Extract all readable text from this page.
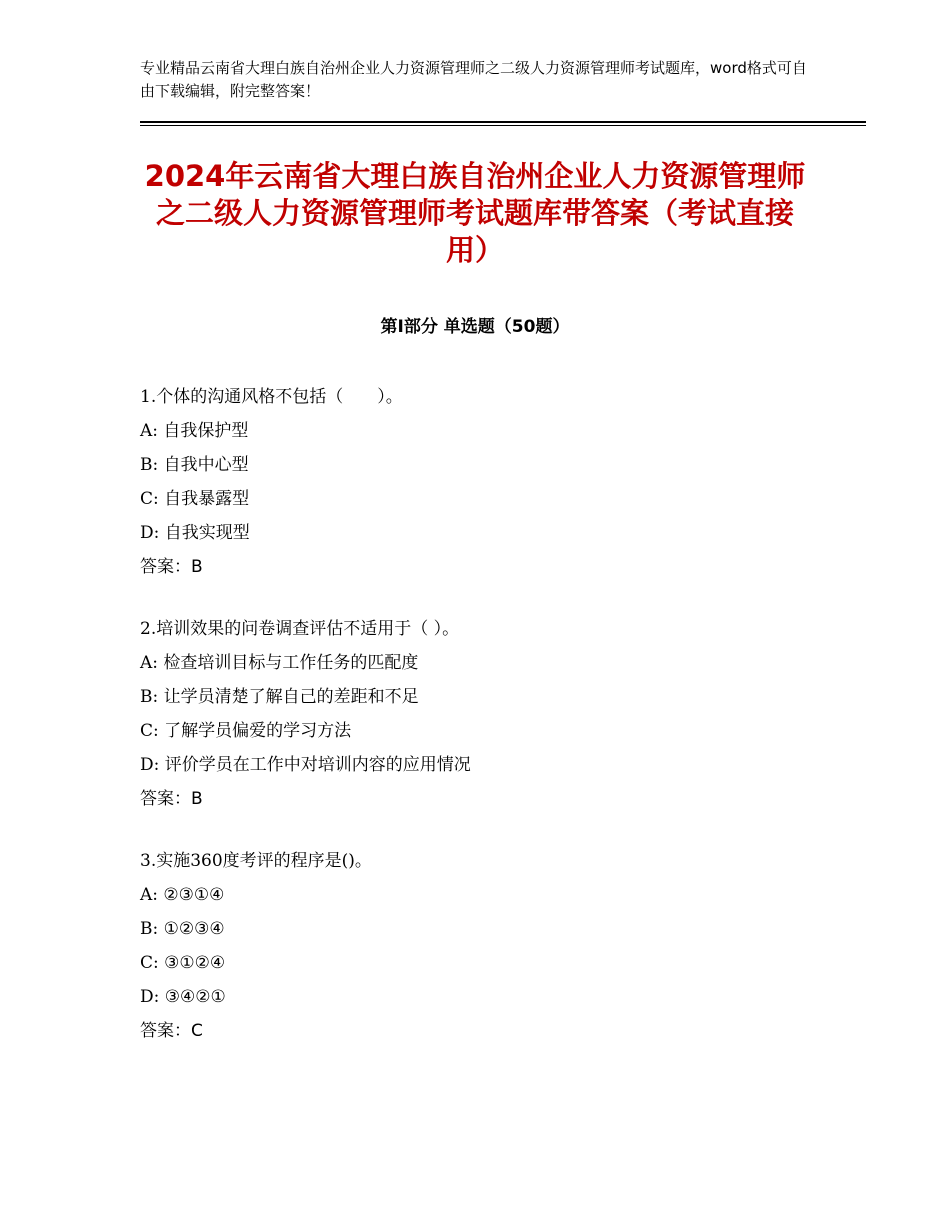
专业精品云南省大理白族自治州企业人力资源管理师之二级人力资源管理师考试题库，word格式可自由下载编辑，附完整答案！
2024年云南省大理白族自治州企业人力资源管理师之二级人力资源管理师考试题库带答案（考试直接用）
第Ⅰ部分 单选题（50题）
1.个体的沟通风格不包括（　　）。
A: 自我保护型
B: 自我中心型
C: 自我暴露型
D: 自我实现型
答案：B
2.培训效果的问卷调查评估不适用于（ ）。
A: 检查培训目标与工作任务的匹配度
B: 让学员清楚了解自己的差距和不足
C: 了解学员偏爱的学习方法
D: 评价学员在工作中对培训内容的应用情况
答案：B
3.实施360度考评的程序是()。
A: ②③①④
B: ①②③④
C: ③①②④
D: ③④②①
答案：C
